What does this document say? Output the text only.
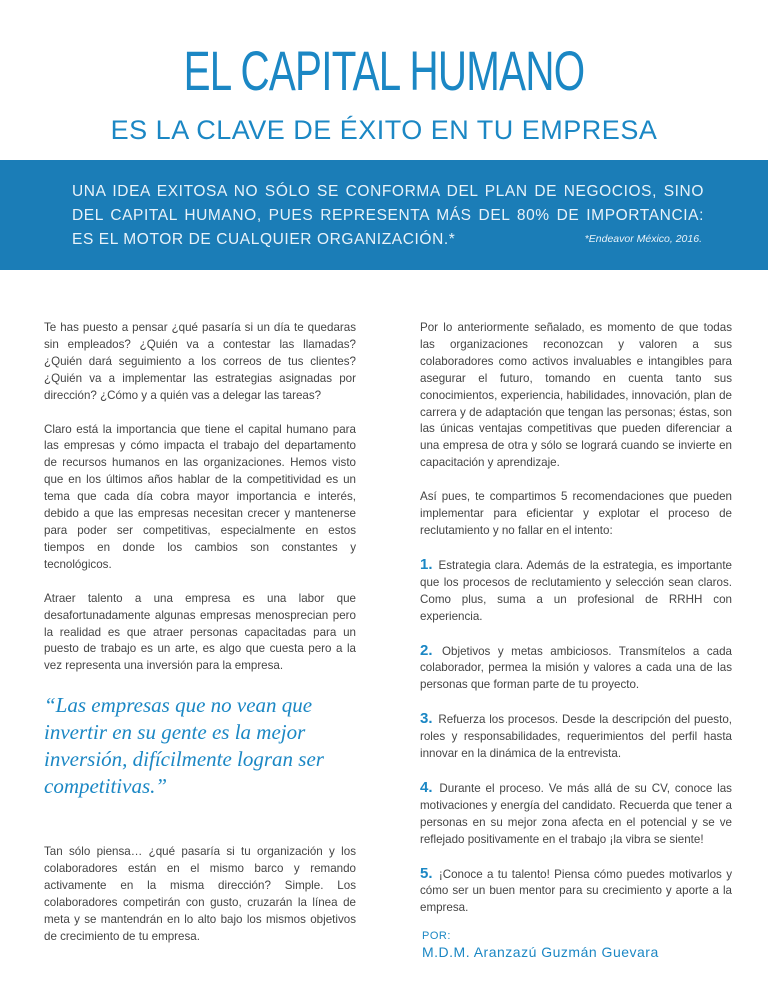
EL CAPITAL HUMANO
ES LA CLAVE DE ÉXITO EN TU EMPRESA
UNA IDEA EXITOSA NO SÓLO SE CONFORMA DEL PLAN DE NEGOCIOS, SINO DEL CAPITAL HUMANO, PUES REPRESENTA MÁS DEL 80% DE IMPORTANCIA: ES EL MOTOR DE CUALQUIER ORGANIZACIÓN.*	*Endeavor México, 2016.

Te has puesto a pensar ¿qué pasaría si un día te quedaras sin empleados? ¿Quién va a contestar las llamadas? ¿Quién dará seguimiento a los correos de tus clientes? ¿Quién va a implementar las estrategias asignadas por dirección? ¿Cómo y a quién vas a delegar las tareas?

Claro está la importancia que tiene el capital humano para las empresas y cómo impacta el trabajo del departamento de recursos humanos en las organizaciones. Hemos visto que en los últimos años hablar de la competitividad es un tema que cada día cobra mayor importancia e interés, debido a que las empresas necesitan crecer y mantenerse para poder ser competitivas, especialmente en estos tiempos en donde los cambios son constantes y tecnológicos.

Atraer talento a una empresa es una labor que desafortunadamente algunas empresas menosprecian pero la realidad es que atraer personas capacitadas para un puesto de trabajo es un arte, es algo que cuesta pero a la vez representa una inversión para la empresa.

“Las empresas que no vean que invertir en su gente es la mejor inversión, difícilmente logran ser competitivas.”

Tan sólo piensa… ¿qué pasaría si tu organización y los colaboradores están en el mismo barco y remando activamente en la misma dirección? Simple. Los colaboradores competirán con gusto, cruzarán la línea de meta y se mantendrán en lo alto bajo los mismos objetivos de crecimiento de tu empresa.

Por lo anteriormente señalado, es momento de que todas las organizaciones reconozcan y valoren a sus colaboradores como activos invaluables e intangibles para asegurar el futuro, tomando en cuenta tanto sus conocimientos, experiencia, habilidades, innovación, plan de carrera y de adaptación que tengan las personas; éstas, son las únicas ventajas competitivas que pueden diferenciar a una empresa de otra y sólo se logrará cuando se invierte en capacitación y aprendizaje.

Así pues, te compartimos 5 recomendaciones que pueden implementar para eficientar y explotar el proceso de reclutamiento y no fallar en el intento:

1. Estrategia clara. Además de la estrategia, es importante que los procesos de reclutamiento y selección sean claros. Como plus, suma a un profesional de RRHH con experiencia.

2. Objetivos y metas ambiciosos. Transmítelos a cada colaborador, permea la misión y valores a cada una de las personas que forman parte de tu proyecto.

3. Refuerza los procesos. Desde la descripción del puesto, roles y responsabilidades, requerimientos del perfil hasta innovar en la dinámica de la entrevista.

4. Durante el proceso. Ve más allá de su CV, conoce las motivaciones y energía del candidato. Recuerda que tener a personas en su mejor zona afecta en el potencial y se ve reflejado positivamente en el trabajo ¡la vibra se siente!

5. ¡Conoce a tu talento! Piensa cómo puedes motivarlos y cómo ser un buen mentor para su crecimiento y aporte a la empresa.

POR:
M.D.M. Aranzazú Guzmán Guevara
